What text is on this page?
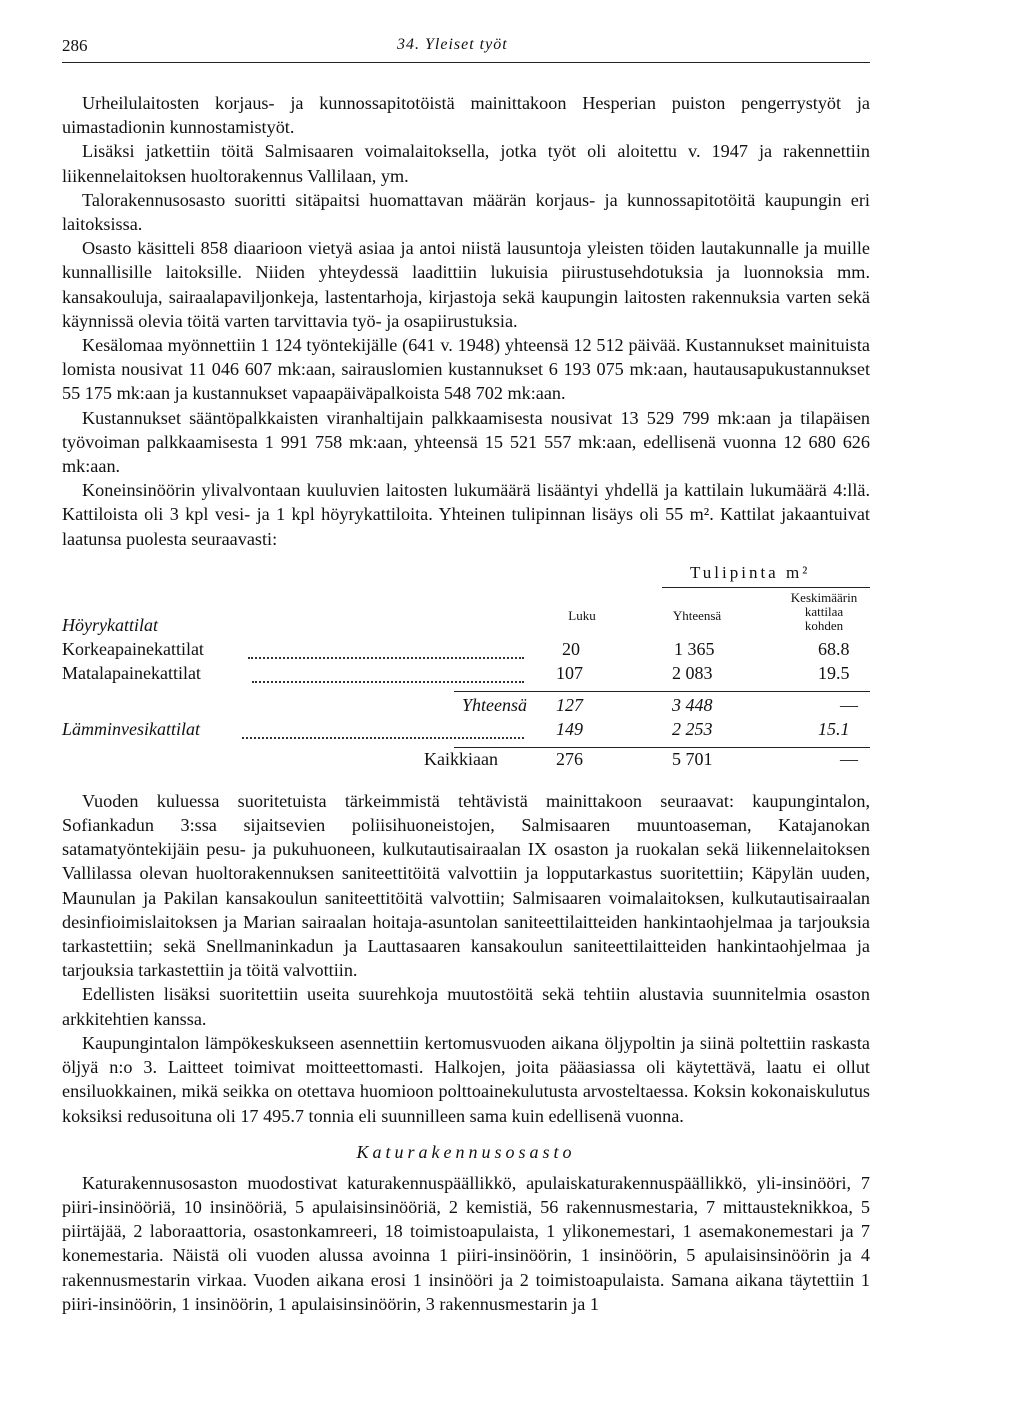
286	34. Yleiset työt

Urheilulaitosten korjaus- ja kunnossapitotöistä mainittakoon Hesperian puiston pengerrystyöt ja uimastadionin kunnostamistyöt.

Lisäksi jatkettiin töitä Salmisaaren voimalaitoksella, jotka työt oli aloitettu v. 1947 ja rakennettiin liikennelaitoksen huoltorakennus Vallilaan, ym.

Talorakennusosasto suoritti sitäpaitsi huomattavan määrän korjaus- ja kunnossapitotöitä kaupungin eri laitoksissa.

Osasto käsitteli 858 diaarioon vietyä asiaa ja antoi niistä lausuntoja yleisten töiden lautakunnalle ja muille kunnallisille laitoksille. Niiden yhteydessä laadittiin lukuisia piirustusehdotuksia ja luonnoksia mm. kansakouluja, sairaalapaviljonkeja, lastentarhoja, kirjastoja sekä kaupungin laitosten rakennuksia varten sekä käynnissä olevia töitä varten tarvittavia työ- ja osapiirustuksia.

Kesälomaa myönnettiin 1 124 työntekijälle (641 v. 1948) yhteensä 12 512 päivää. Kustannukset mainituista lomista nousivat 11 046 607 mk:aan, sairauslomien kustannukset 6 193 075 mk:aan, hautausapukustannukset 55 175 mk:aan ja kustannukset vapaapäiväpalkoista 548 702 mk:aan.

Kustannukset sääntöpalkkaisten viranhaltijain palkkaamisesta nousivat 13 529 799 mk:aan ja tilapäisen työvoiman palkkaamisesta 1 991 758 mk:aan, yhteensä 15 521 557 mk:aan, edellisenä vuonna 12 680 626 mk:aan.

Koneinsinöörin ylivalvontaan kuuluvien laitosten lukumäärä lisääntyi yhdellä ja kattilain lukumäärä 4:llä. Kattiloista oli 3 kpl vesi- ja 1 kpl höyrykattiloita. Yhteinen tulipinnan lisäys oli 55 m². Kattilat jakaantuivat laatunsa puolesta seuraavasti:

Tulipinta m²
Keskimäärin
kattilaa
kohden
Luku	Yhteensä
Höyrykattilat
Korkeapainekattilat	20	1 365	68.8
Matalapainekattilat	107	2 083	19.5
Yhteensä 127	3 448	—
Lämminvesikattilat	149	2 253	15.1
Kaikkiaan	276	5 701	—

Vuoden kuluessa suoritetuista tärkeimmistä tehtävistä mainittakoon seuraavat: kaupungintalon, Sofiankadun 3:ssa sijaitsevien poliisihuoneistojen, Salmisaaren muuntoaseman, Katajanokan satamatyöntekijäin pesu- ja pukuhuoneen, kulkutautisairaalan IX osaston ja ruokalan sekä liikennelaitoksen Vallilassa olevan huoltorakennuksen saniteettitöitä valvottiin ja lopputarkastus suoritettiin; Käpylän uuden, Maunulan ja Pakilan kansakoulun saniteettitöitä valvottiin; Salmisaaren voimalaitoksen, kulkutautisairaalan desinfioimislaitoksen ja Marian sairaalan hoitaja-asuntolan saniteettilaitteiden hankintaohjelmaa ja tarjouksia tarkastettiin; sekä Snellmaninkadun ja Lauttasaaren kansakoulun saniteettilaitteiden hankintaohjelmaa ja tarjouksia tarkastettiin ja töitä valvottiin.

Edellisten lisäksi suoritettiin useita suurehkoja muutostöitä sekä tehtiin alustavia suunnitelmia osaston arkkitehtien kanssa.

Kaupungintalon lämpökeskukseen asennettiin kertomusvuoden aikana öljypoltin ja siinä poltettiin raskasta öljyä n:o 3. Laitteet toimivat moitteettomasti. Halkojen, joita pääasiassa oli käytettävä, laatu ei ollut ensiluokkainen, mikä seikka on otettava huomioon polttoainekulutusta arvosteltaessa. Koksin kokonaiskulutus koksiksi redusoituna oli 17 495.7 tonnia eli suunnilleen sama kuin edellisenä vuonna.

Katurakennusosasto

Katurakennusosaston muodostivat katurakennuspäällikkö, apulaiskaturakennuspäällikkö, yli-insinööri, 7 piiri-insinööriä, 10 insinööriä, 5 apulaisinsinööriä, 2 kemistiä, 56 rakennusmestaria, 7 mittausteknikkoa, 5 piirtäjää, 2 laboraattoria, osastonkamreeri, 18 toimistoapulaista, 1 ylikonemestari, 1 asemakonemestari ja 7 konemestaria. Näistä oli vuoden alussa avoinna 1 piiri-insinöörin, 1 insinöörin, 5 apulaisinsinöörin ja 4 rakennusmestarin virkaa. Vuoden aikana erosi 1 insinööri ja 2 toimistoapulaista. Samana aikana täytettiin 1 piiri-insinöörin, 1 insinöörin, 1 apulaisinsinöörin, 3 rakennusmestarin ja 1
